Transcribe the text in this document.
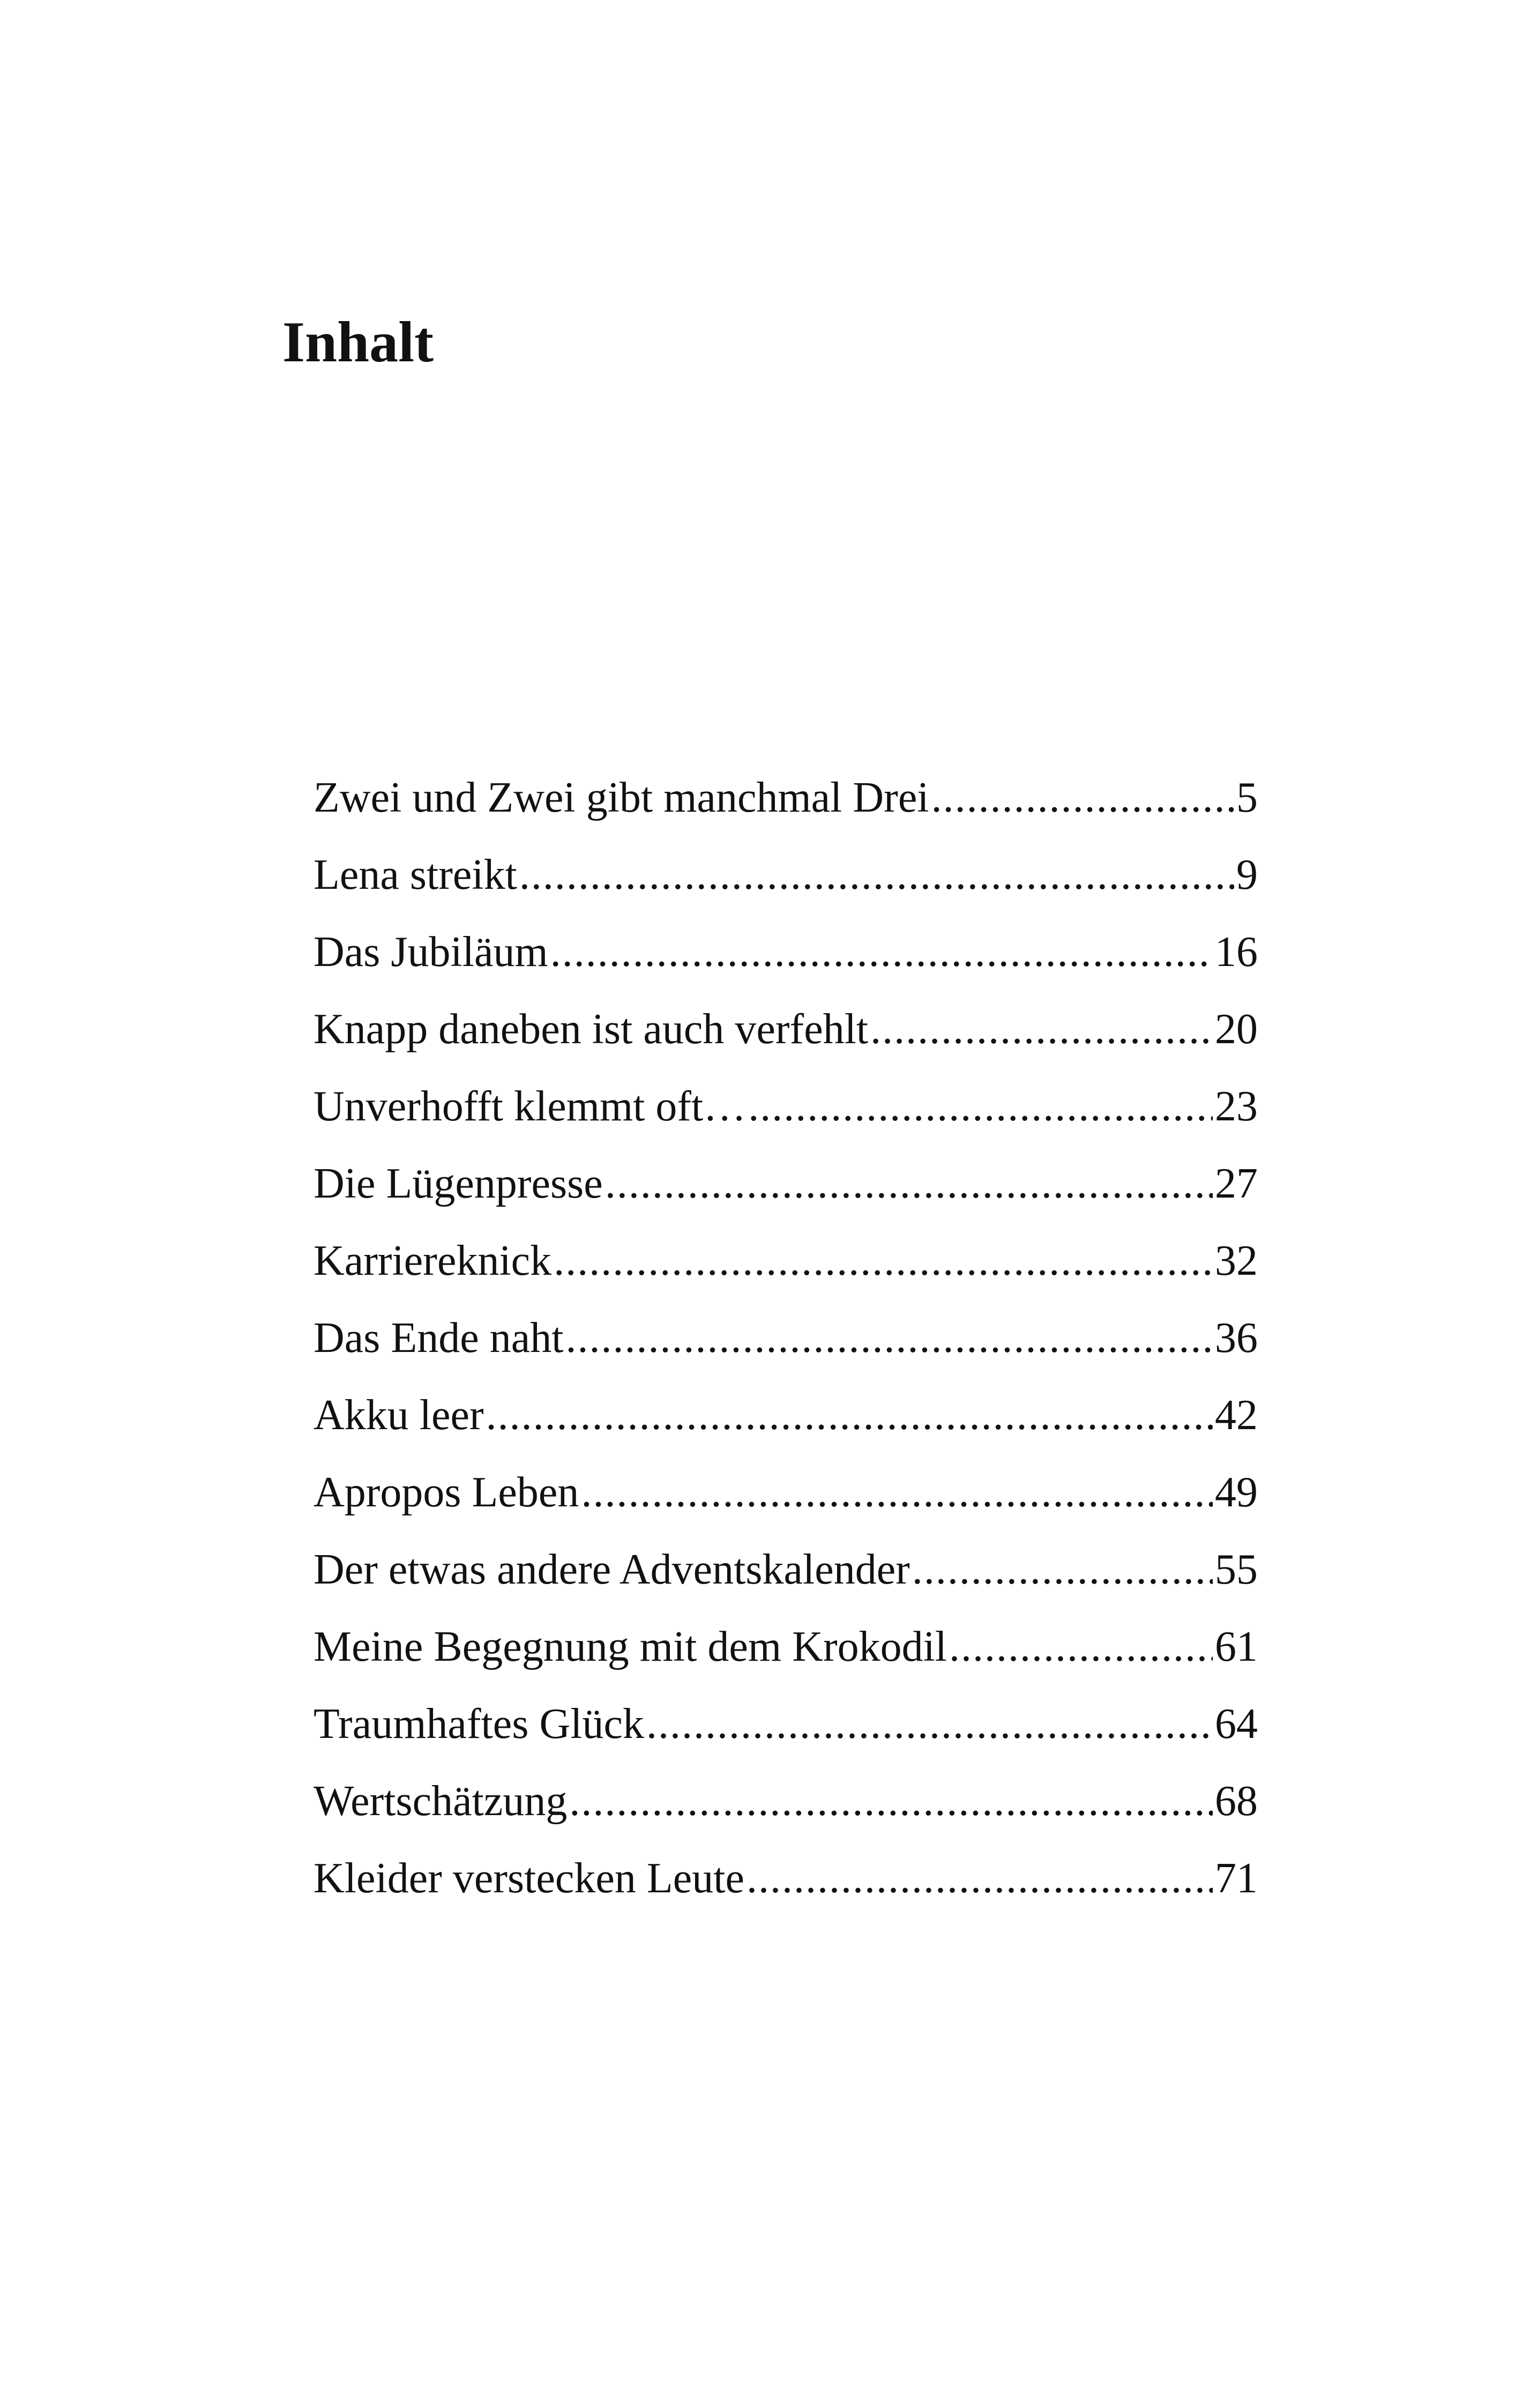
Inhalt
Zwei und Zwei gibt manchmal Drei .....	5
Lena streikt .....	9
Das Jubiläum .....	16
Knapp daneben ist auch verfehlt .....	20
Unverhofft klemmt oft… .....	23
Die Lügenpresse .....	27
Karriereknick .....	32
Das Ende naht .....	36
Akku leer .....	42
Apropos Leben .....	49
Der etwas andere Adventskalender .....	55
Meine Begegnung mit dem Krokodil .....	61
Traumhaftes Glück .....	64
Wertschätzung .....	68
Kleider verstecken Leute .....	71
